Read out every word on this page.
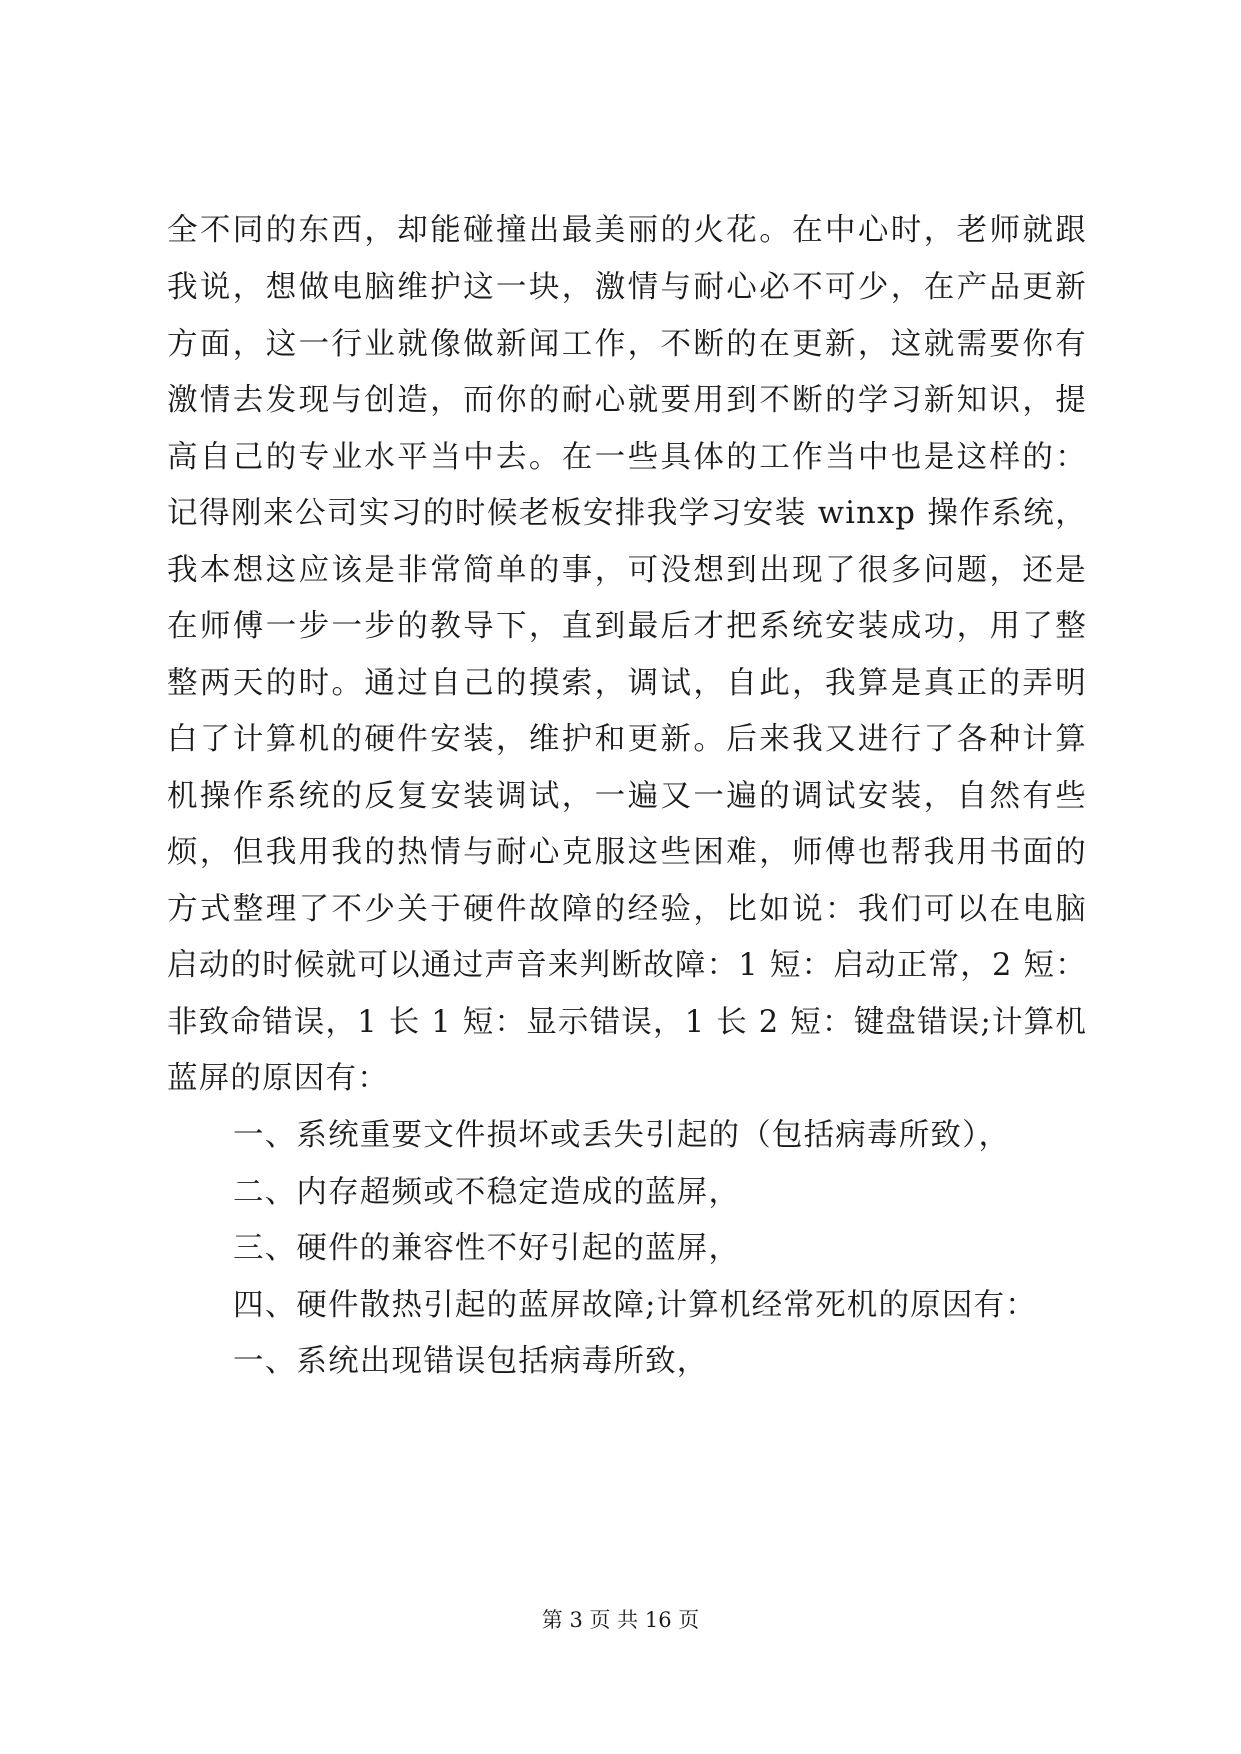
全不同的东西，却能碰撞出最美丽的火花。在中心时，老师就跟
我说，想做电脑维护这一块，激情与耐心必不可少，在产品更新
方面，这一行业就像做新闻工作，不断的在更新，这就需要你有
激情去发现与创造，而你的耐心就要用到不断的学习新知识，提
高自己的专业水平当中去。在一些具体的工作当中也是这样的：
记得刚来公司实习的时候老板安排我学习安装 winxp 操作系统，
我本想这应该是非常简单的事，可没想到出现了很多问题，还是
在师傅一步一步的教导下，直到最后才把系统安装成功，用了整
整两天的时。通过自己的摸索，调试，自此，我算是真正的弄明
白了计算机的硬件安装，维护和更新。后来我又进行了各种计算
机操作系统的反复安装调试，一遍又一遍的调试安装，自然有些
烦，但我用我的热情与耐心克服这些困难，师傅也帮我用书面的
方式整理了不少关于硬件故障的经验，比如说：我们可以在电脑
启动的时候就可以通过声音来判断故障：1 短：启动正常，2 短：
非致命错误，1 长 1 短：显示错误，1 长 2 短：键盘错误;计算机
蓝屏的原因有：
一、系统重要文件损坏或丢失引起的（包括病毒所致），
二、内存超频或不稳定造成的蓝屏，
三、硬件的兼容性不好引起的蓝屏，
四、硬件散热引起的蓝屏故障;计算机经常死机的原因有：
一、系统出现错误包括病毒所致，
第 3 页 共 16 页
